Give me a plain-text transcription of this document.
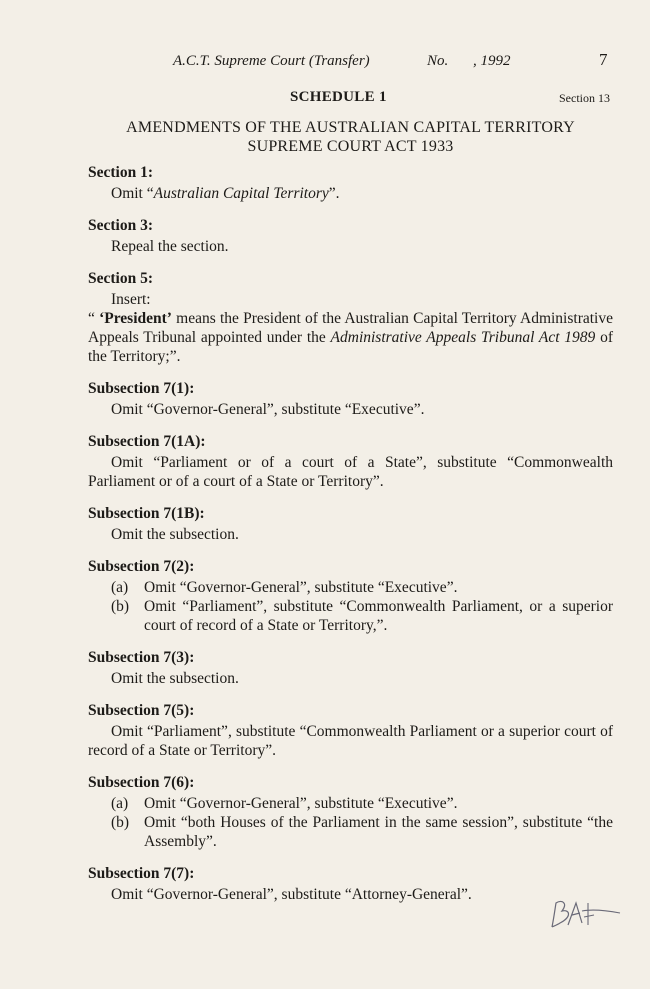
A.C.T. Supreme Court (Transfer)	No. , 1992	7
SCHEDULE 1	Section 13
AMENDMENTS OF THE AUSTRALIAN CAPITAL TERRITORY
SUPREME COURT ACT 1933
Section 1:
Omit “Australian Capital Territory”.
Section 3:
Repeal the section.
Section 5:
Insert:
“ ‘President’ means the President of the Australian Capital Territory Administrative Appeals Tribunal appointed under the Administrative Appeals Tribunal Act 1989 of the Territory;”.
Subsection 7(1):
Omit “Governor-General”, substitute “Executive”.
Subsection 7(1A):
Omit “Parliament or of a court of a State”, substitute “Commonwealth Parliament or of a court of a State or Territory”.
Subsection 7(1B):
Omit the subsection.
Subsection 7(2):
(a)	Omit “Governor-General”, substitute “Executive”.
(b) Omit “Parliament”, substitute “Commonwealth Parliament, or a superior court of record of a State or Territory,”.
Subsection 7(3):
Omit the subsection.
Subsection 7(5):
Omit “Parliament”, substitute “Commonwealth Parliament or a superior court of record of a State or Territory”.
Subsection 7(6):
(a)	Omit “Governor-General”, substitute “Executive”.
(b) Omit “both Houses of the Parliament in the same session”, substitute “the Assembly”.
Subsection 7(7):
Omit “Governor-General”, substitute “Attorney-General”.
